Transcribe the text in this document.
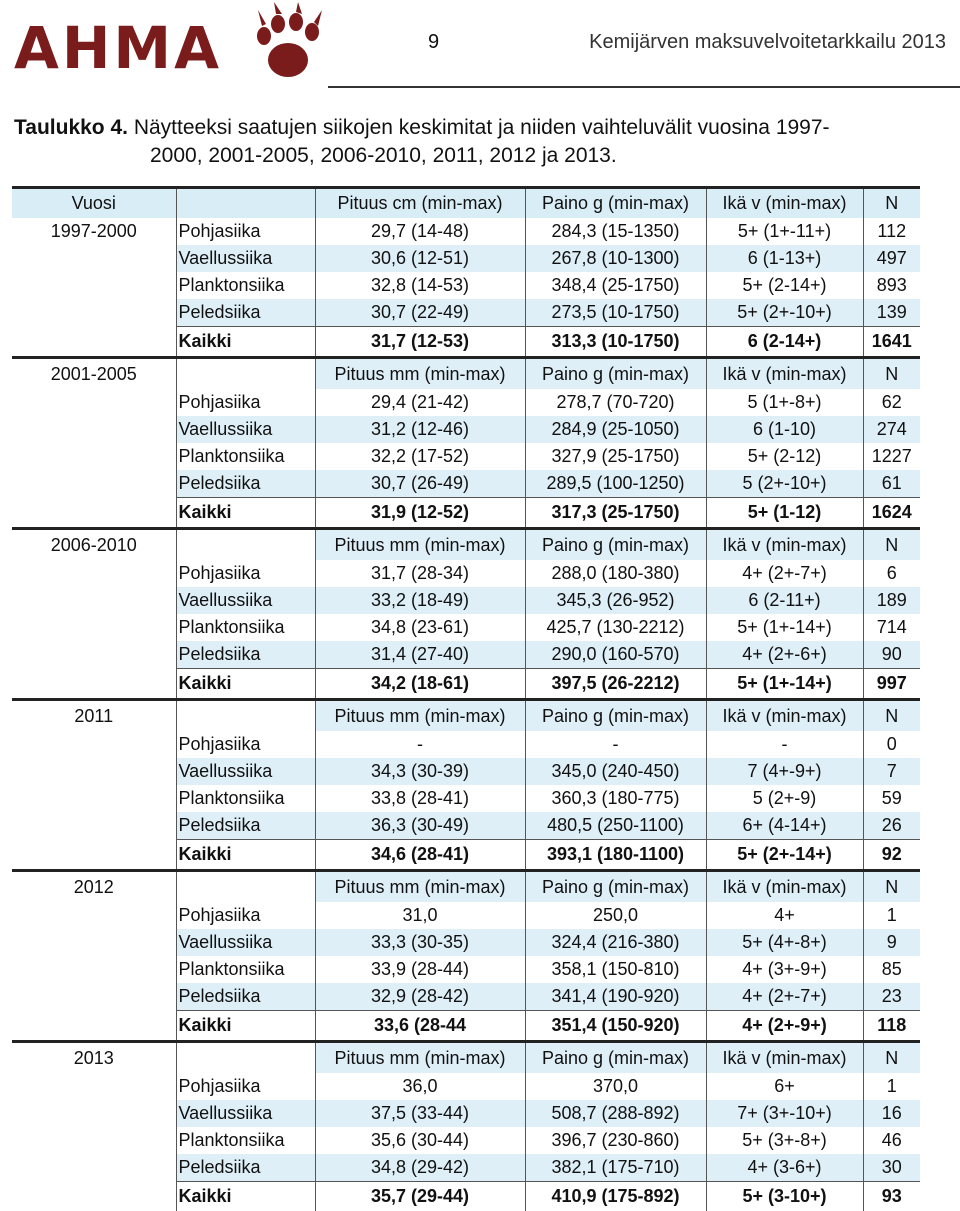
AHMA	9	Kemijärven maksuvelvoitetarkkailu 2013
Taulukko 4. Näytteeksi saatujen siikojen keskimitat ja niiden vaihteluvälit vuosina 1997-
2000, 2001-2005, 2006-2010, 2011, 2012 ja 2013.
Vuosi		Pituus cm (min-max)	Paino g (min-max)	Ikä v (min-max)	N
1997-2000	Pohjasiika	29,7 (14-48)	284,3 (15-1350)	5+ (1+-11+)	112
	Vaellussiika	30,6 (12-51)	267,8 (10-1300)	6 (1-13+)	497
	Planktonsiika	32,8 (14-53)	348,4 (25-1750)	5+ (2-14+)	893
	Peledsiika	30,7 (22-49)	273,5 (10-1750)	5+ (2+-10+)	139
	Kaikki	31,7 (12-53)	313,3 (10-1750)	6 (2-14+)	1641
2001-2005		Pituus mm (min-max)	Paino g (min-max)	Ikä v (min-max)	N
	Pohjasiika	29,4 (21-42)	278,7 (70-720)	5 (1+-8+)	62
	Vaellussiika	31,2 (12-46)	284,9 (25-1050)	6 (1-10)	274
	Planktonsiika	32,2 (17-52)	327,9 (25-1750)	5+ (2-12)	1227
	Peledsiika	30,7 (26-49)	289,5 (100-1250)	5 (2+-10+)	61
	Kaikki	31,9 (12-52)	317,3 (25-1750)	5+ (1-12)	1624
2006-2010		Pituus mm (min-max)	Paino g (min-max)	Ikä v (min-max)	N
	Pohjasiika	31,7 (28-34)	288,0 (180-380)	4+ (2+-7+)	6
	Vaellussiika	33,2 (18-49)	345,3 (26-952)	6 (2-11+)	189
	Planktonsiika	34,8 (23-61)	425,7 (130-2212)	5+ (1+-14+)	714
	Peledsiika	31,4 (27-40)	290,0 (160-570)	4+ (2+-6+)	90
	Kaikki	34,2 (18-61)	397,5 (26-2212)	5+ (1+-14+)	997
2011		Pituus mm (min-max)	Paino g (min-max)	Ikä v (min-max)	N
	Pohjasiika	-	-	-	0
	Vaellussiika	34,3 (30-39)	345,0 (240-450)	7 (4+-9+)	7
	Planktonsiika	33,8 (28-41)	360,3 (180-775)	5 (2+-9)	59
	Peledsiika	36,3 (30-49)	480,5 (250-1100)	6+ (4-14+)	26
	Kaikki	34,6 (28-41)	393,1 (180-1100)	5+ (2+-14+)	92
2012		Pituus mm (min-max)	Paino g (min-max)	Ikä v (min-max)	N
	Pohjasiika	31,0	250,0	4+	1
	Vaellussiika	33,3 (30-35)	324,4 (216-380)	5+ (4+-8+)	9
	Planktonsiika	33,9 (28-44)	358,1 (150-810)	4+ (3+-9+)	85
	Peledsiika	32,9 (28-42)	341,4 (190-920)	4+ (2+-7+)	23
	Kaikki	33,6 (28-44	351,4 (150-920)	4+ (2+-9+)	118
2013		Pituus mm (min-max)	Paino g (min-max)	Ikä v (min-max)	N
	Pohjasiika	36,0	370,0	6+	1
	Vaellussiika	37,5 (33-44)	508,7 (288-892)	7+ (3+-10+)	16
	Planktonsiika	35,6 (30-44)	396,7 (230-860)	5+ (3+-8+)	46
	Peledsiika	34,8 (29-42)	382,1 (175-710)	4+ (3-6+)	30
	Kaikki	35,7 (29-44)	410,9 (175-892)	5+ (3-10+)	93
